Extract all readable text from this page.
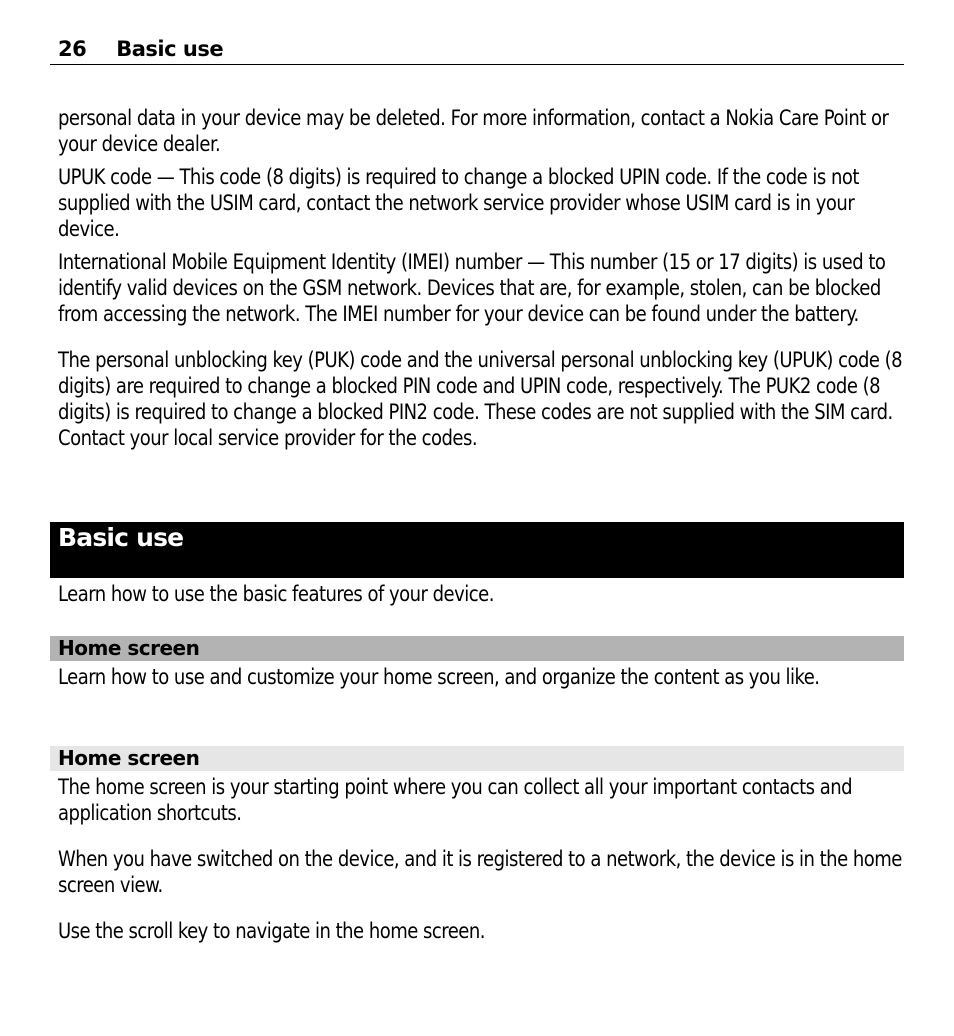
26 Basic use

personal data in your device may be deleted. For more information, contact a Nokia Care Point or your device dealer.

UPUK code — This code (8 digits) is required to change a blocked UPIN code. If the code is not supplied with the USIM card, contact the network service provider whose USIM card is in your device.

International Mobile Equipment Identity (IMEI) number — This number (15 or 17 digits) is used to identify valid devices on the GSM network. Devices that are, for example, stolen, can be blocked from accessing the network. The IMEI number for your device can be found under the battery.

The personal unblocking key (PUK) code and the universal personal unblocking key (UPUK) code (8 digits) are required to change a blocked PIN code and UPIN code, respectively. The PUK2 code (8 digits) is required to change a blocked PIN2 code. These codes are not supplied with the SIM card. Contact your local service provider for the codes.

Basic use

Learn how to use the basic features of your device.

Home screen

Learn how to use and customize your home screen, and organize the content as you like.

Home screen

The home screen is your starting point where you can collect all your important contacts and application shortcuts.

When you have switched on the device, and it is registered to a network, the device is in the home screen view.

Use the scroll key to navigate in the home screen.
